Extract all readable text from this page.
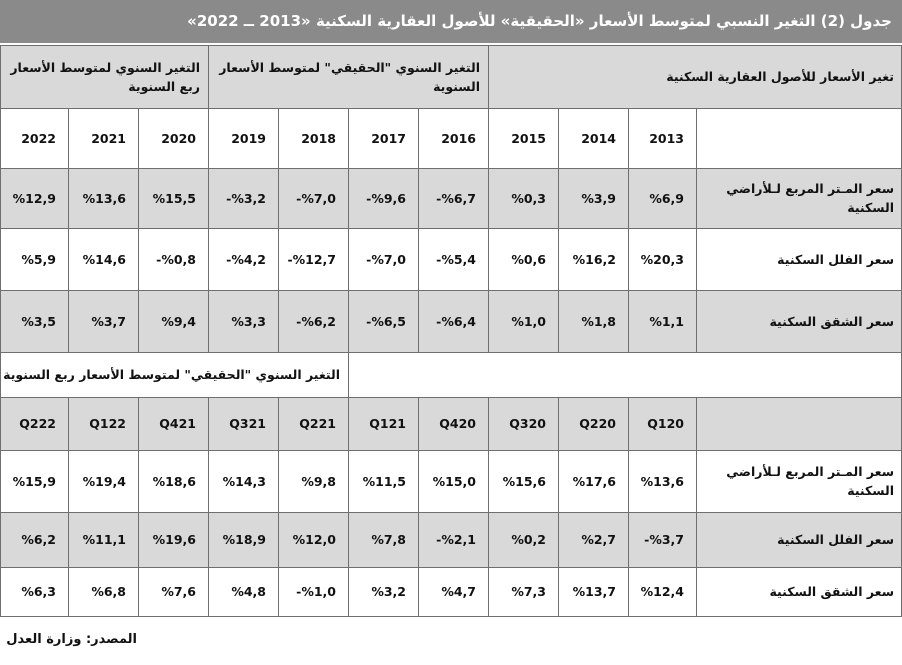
جدول (2) التغير النسبي لمتوسط الأسعار «الحقيقية» للأصول العقارية السكنية «2013 ــ 2022»
المصدر: وزارة العدل
تغير الأسعار للأصول العقارية السكنية
التغير السنوي "الحقيقي" لمتوسط الأسعار السنوية
التغير السنوي لمتوسط الأسعار ربع السنوية
التغير السنوي "الحقيقي" لمتوسط الأسعار ربع السنوية
2013
2014
2015
2016
2017
2018
2019
2020
2021
2022
Q120
Q220
Q320
Q420
Q121
Q221
Q321
Q421
Q122
Q222
سعر المـتر المربع لـلأراضي السكنية
%6,9
%3,9
%0,3
-%6,7
-%9,6
-%7,0
-%3,2
%15,5
%13,6
%12,9
سعر الفلل السكنية
%20,3
%16,2
%0,6
-%5,4
-%7,0
-%12,7
-%4,2
-%0,8
%14,6
%5,9
سعر الشقق السكنية
%1,1
%1,8
%1,0
-%6,4
-%6,5
-%6,2
%3,3
%9,4
%3,7
%3,5
سعر المـتر المربع لـلأراضي السكنية
%13,6
%17,6
%15,6
%15,0
%11,5
%9,8
%14,3
%18,6
%19,4
%15,9
سعر الفلل السكنية
-%3,7
%2,7
%0,2
-%2,1
%7,8
%12,0
%18,9
%19,6
%11,1
%6,2
سعر الشقق السكنية
%12,4
%13,7
%7,3
%4,7
%3,2
-%1,0
%4,8
%7,6
%6,8
%6,3
